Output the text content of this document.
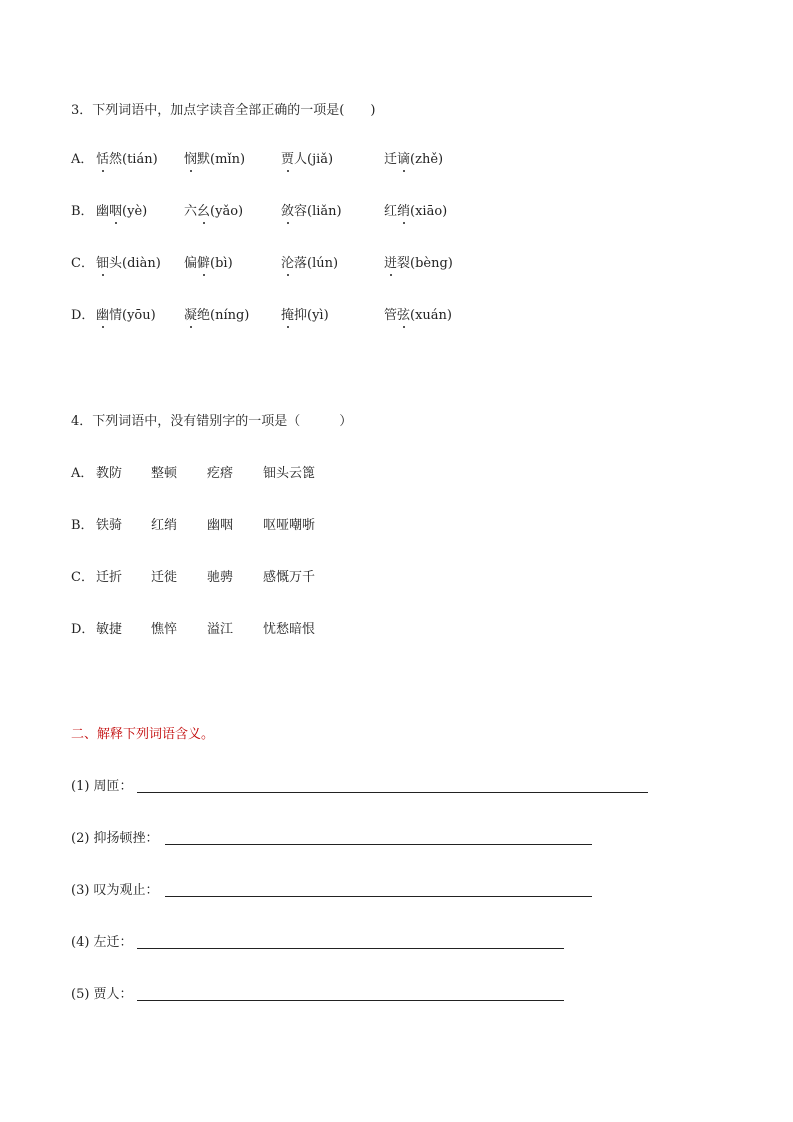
3．下列词语中，加点字读音全部正确的一项是(　　)
A． 恬然(tián) 悯默(mǐn)	贾人(jiǎ)	迁谪(zhě)
B． 幽咽(yè)	六幺(yǎo)	敛容(liǎn)	红绡(xiāo)
C． 钿头(diàn) 偏僻(bì)	沦落(lún)	迸裂(bèng)
D． 幽情(yōu) 凝绝(níng) 掩抑(yì)	管弦(xuán)
4．下列词语中，没有错别字的一项是（　　　）
A． 教防 整顿 疙瘩 钿头云篦
B． 铁骑 红绡 幽咽 呕哑嘲哳
C． 迁折 迁徙 驰骋 感慨万千
D． 敏捷 憔悴 溢江 忧愁暗恨
二、解释下列词语含义。
(1) 周匝：
(2) 抑扬顿挫：
(3) 叹为观止：
(4) 左迁：
(5) 贾人：
